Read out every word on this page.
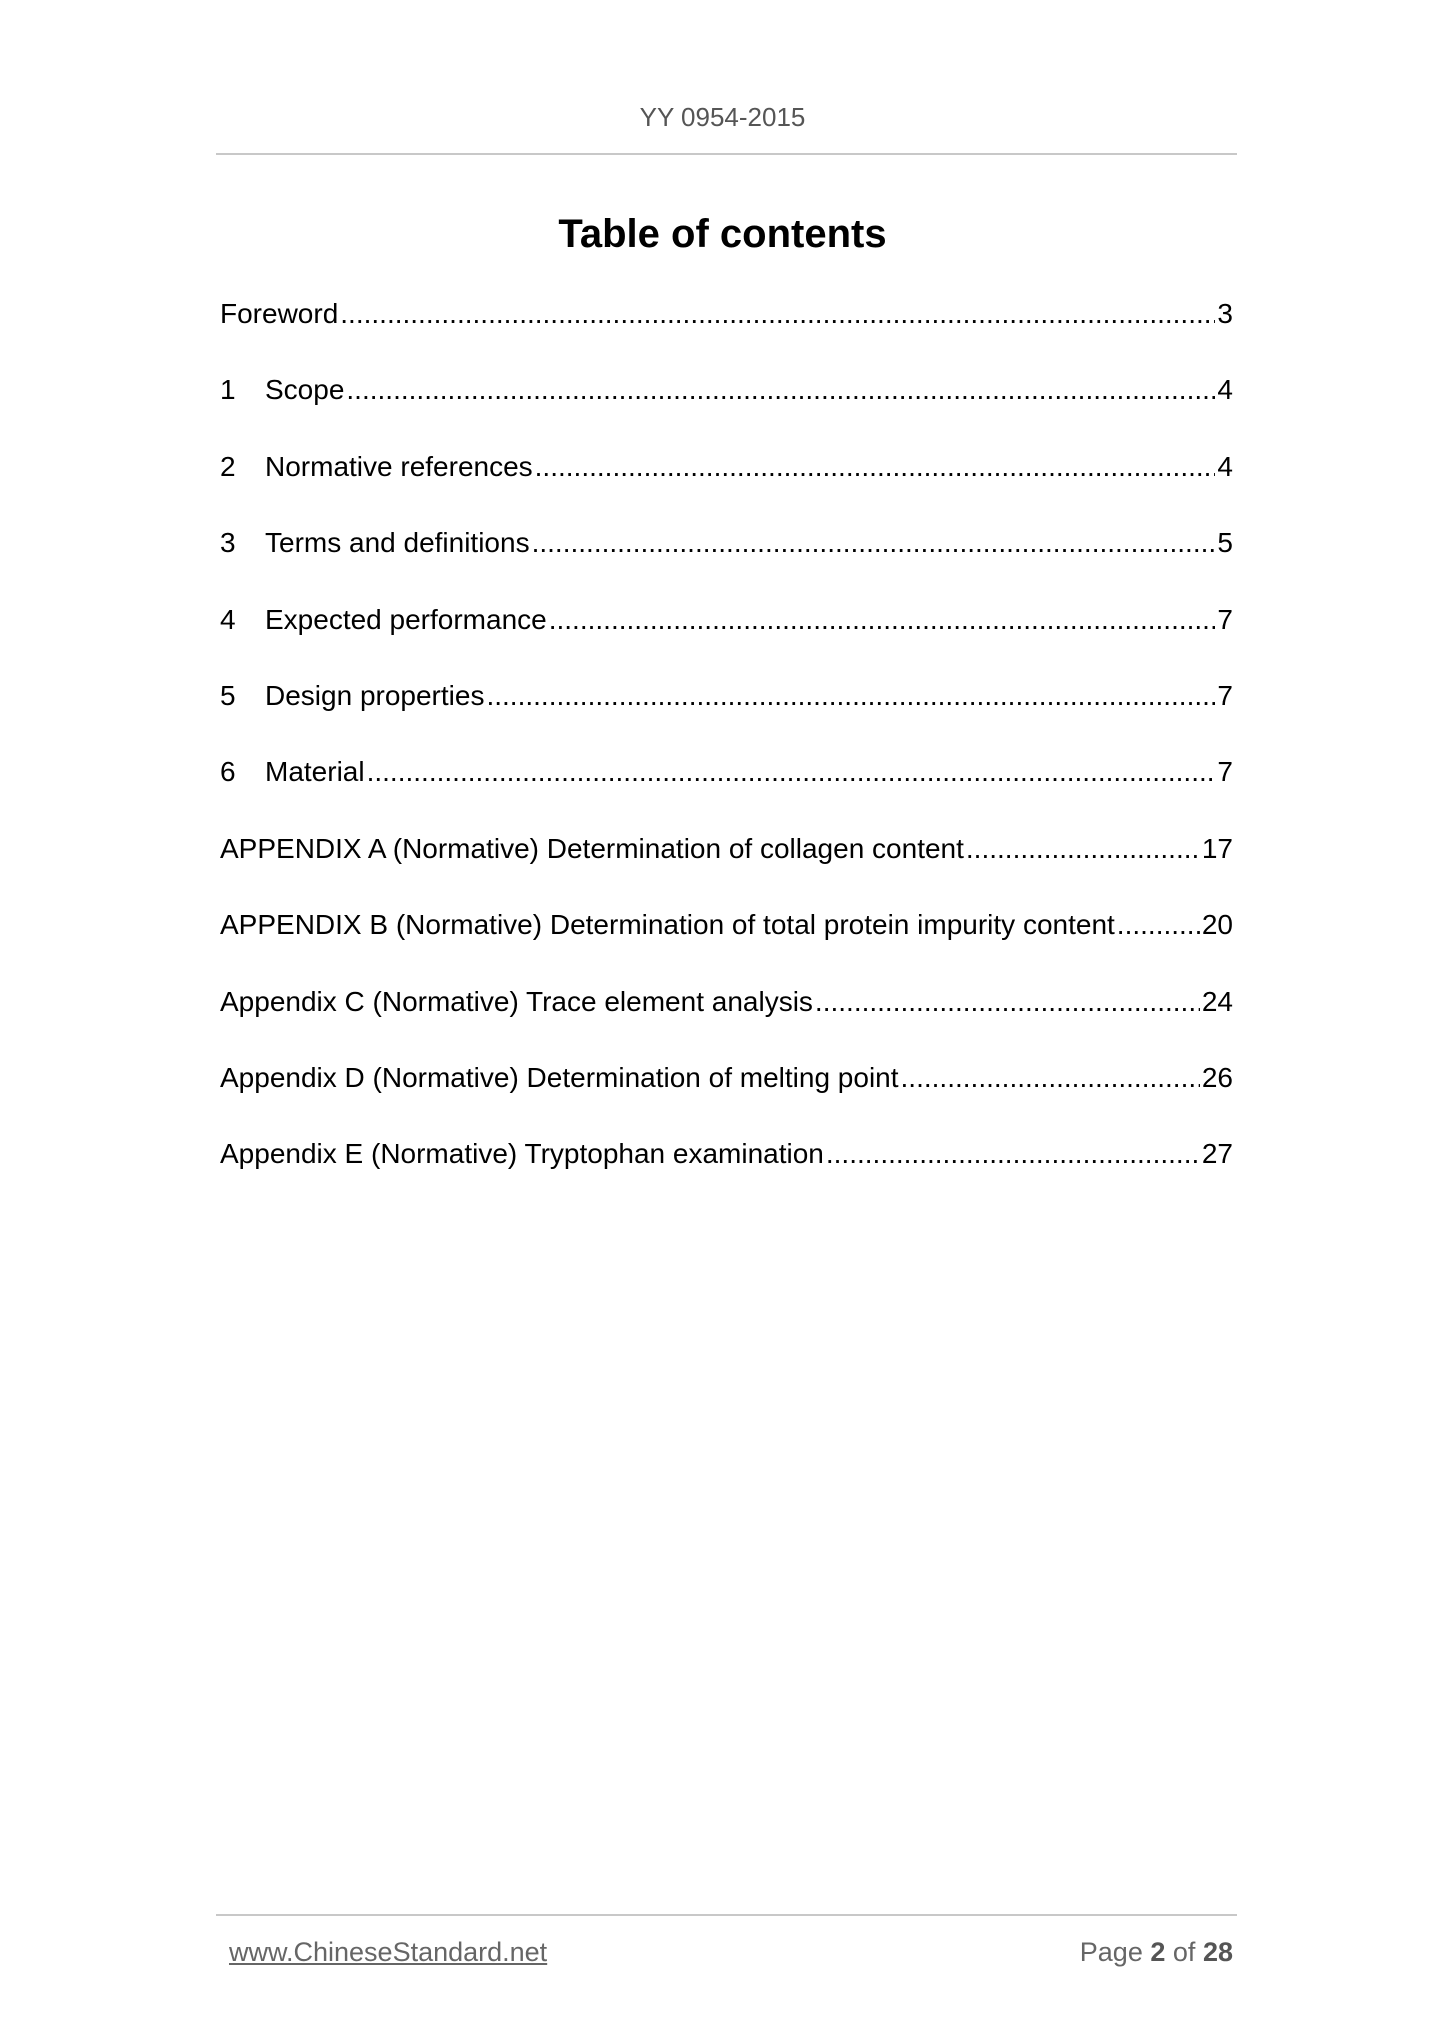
YY 0954-2015
Table of contents
Foreword .....	3
1	Scope .....	4
2	Normative references .....	4
3	Terms and definitions .....	5
4	Expected performance .....	7
5	Design properties .....	7
6	Material .....	7
APPENDIX A (Normative) Determination of collagen content .....	17
APPENDIX B (Normative) Determination of total protein impurity content .....	20
Appendix C (Normative) Trace element analysis .....	24
Appendix D (Normative) Determination of melting point .....	26
Appendix E (Normative) Tryptophan examination .....	27
www.ChineseStandard.net	Page 2 of 28
